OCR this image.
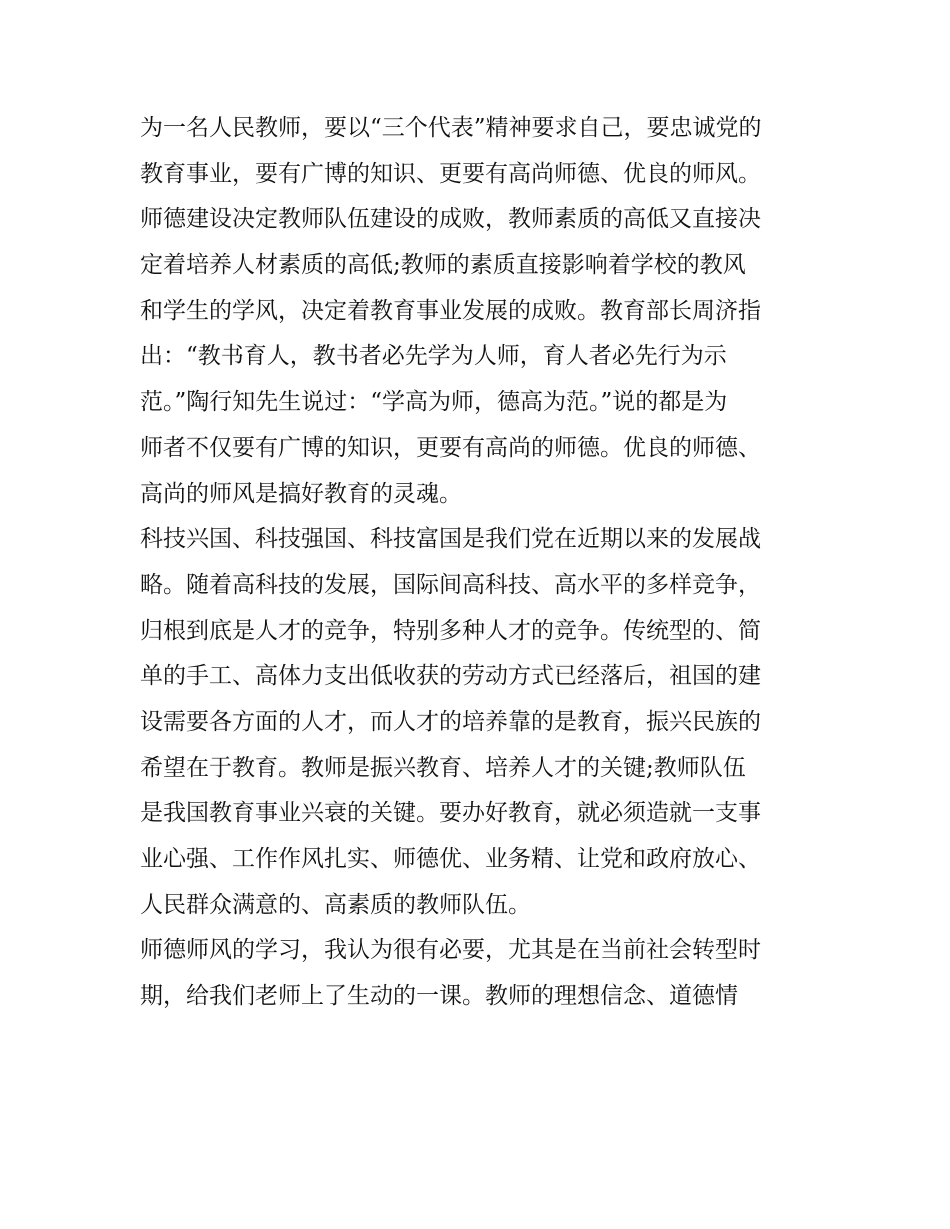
为一名人民教师，要以“三个代表”精神要求自己，要忠诚党的
教育事业，要有广博的知识、更要有高尚师德、优良的师风。
师德建设决定教师队伍建设的成败，教师素质的高低又直接决
定着培养人材素质的高低;教师的素质直接影响着学校的教风
和学生的学风，决定着教育事业发展的成败。教育部长周济指
出：“教书育人，教书者必先学为人师，育人者必先行为示
范。”陶行知先生说过：“学高为师，德高为范。”说的都是为
师者不仅要有广博的知识，更要有高尚的师德。优良的师德、
高尚的师风是搞好教育的灵魂。
科技兴国、科技强国、科技富国是我们党在近期以来的发展战
略。随着高科技的发展，国际间高科技、高水平的多样竞争，
归根到底是人才的竞争，特别多种人才的竞争。传统型的、简
单的手工、高体力支出低收获的劳动方式已经落后，祖国的建
设需要各方面的人才，而人才的培养靠的是教育，振兴民族的
希望在于教育。教师是振兴教育、培养人才的关键;教师队伍
是我国教育事业兴衰的关键。要办好教育，就必须造就一支事
业心强、工作作风扎实、师德优、业务精、让党和政府放心、
人民群众满意的、高素质的教师队伍。
师德师风的学习，我认为很有必要，尤其是在当前社会转型时
期，给我们老师上了生动的一课。教师的理想信念、道德情
